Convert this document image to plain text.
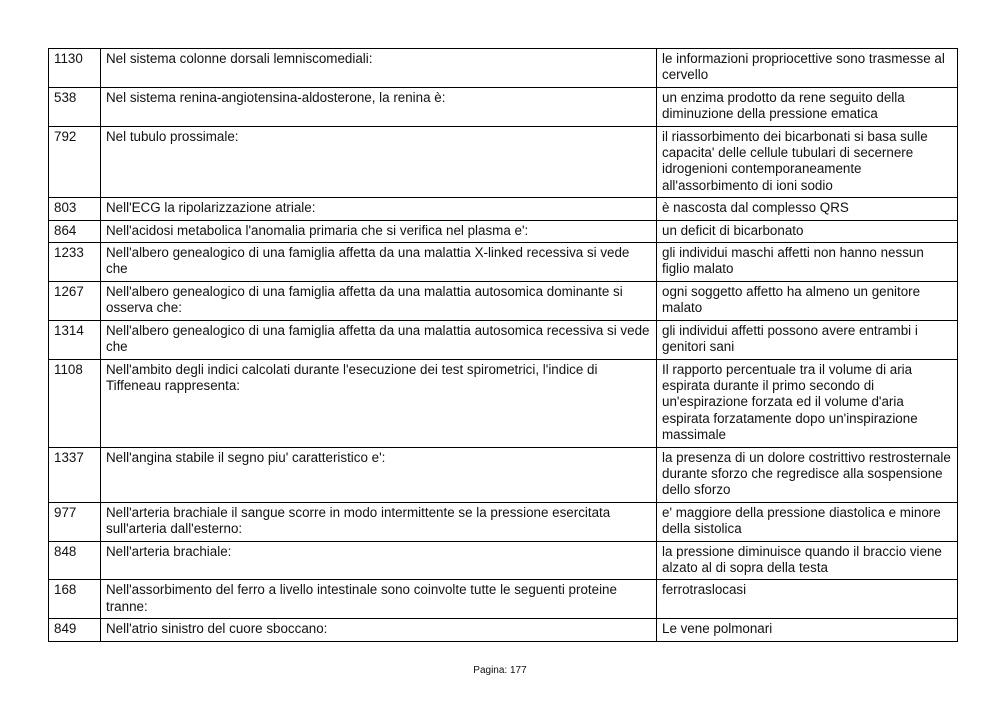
1130	Nel sistema colonne dorsali lemniscomediali:	le informazioni propriocettive sono trasmesse al cervello
538	Nel sistema renina-angiotensina-aldosterone, la renina è:	un enzima prodotto da rene seguito della diminuzione della pressione ematica
792	Nel tubulo prossimale:	il riassorbimento dei bicarbonati si basa sulle capacita' delle cellule tubulari di secernere idrogenioni contemporaneamente all'assorbimento di ioni sodio
803	Nell'ECG la ripolarizzazione atriale:	è nascosta dal complesso QRS
864	Nell'acidosi metabolica l'anomalia primaria che si verifica nel plasma e':	un deficit di bicarbonato
1233	Nell'albero genealogico di una famiglia affetta da una malattia X-linked recessiva si vede che	gli individui maschi affetti non hanno nessun figlio malato
1267	Nell'albero genealogico di una famiglia affetta da una malattia autosomica dominante si osserva che:	ogni soggetto affetto ha almeno un genitore malato
1314	Nell'albero genealogico di una famiglia affetta da una malattia autosomica recessiva si vede che	gli individui affetti possono avere entrambi i genitori sani
1108	Nell'ambito degli indici calcolati durante l'esecuzione dei test spirometrici, l'indice di Tiffeneau rappresenta:	Il rapporto percentuale tra il volume di aria espirata durante il primo secondo di un'espirazione forzata ed il volume d'aria espirata forzatamente dopo un'inspirazione massimale
1337	Nell'angina stabile il segno piu' caratteristico e':	la presenza di un dolore costrittivo restrosternale durante sforzo che regredisce alla sospensione dello sforzo
977	Nell'arteria brachiale il sangue scorre in modo intermittente se la pressione esercitata sull'arteria dall'esterno:	e' maggiore della pressione diastolica e minore della sistolica
848	Nell'arteria brachiale:	la pressione diminuisce quando il braccio viene alzato al di sopra della testa
168	Nell'assorbimento del ferro a livello intestinale sono coinvolte tutte le seguenti proteine tranne:	ferrotraslocasi
849	Nell'atrio sinistro del cuore sboccano:	Le vene polmonari
Pagina: 177
